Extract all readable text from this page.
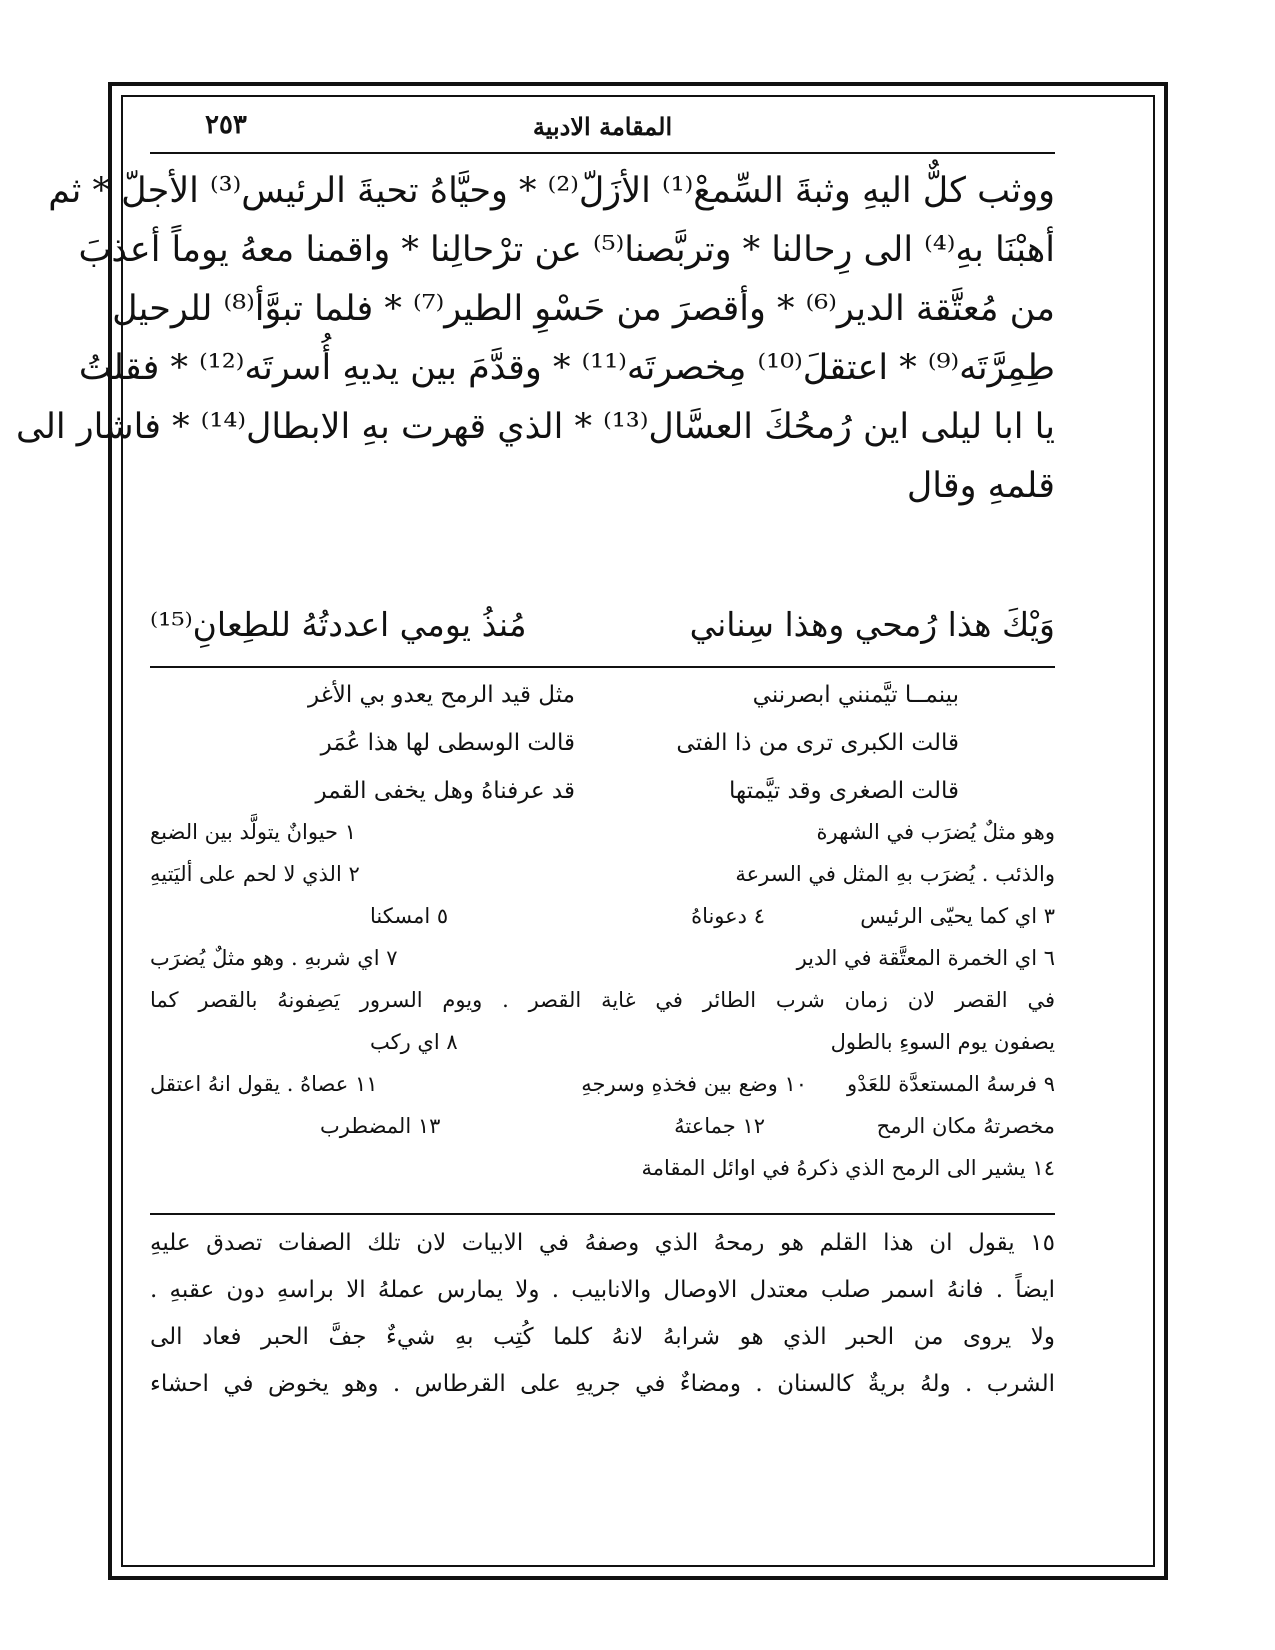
المقامة الادبية
٢٥٣
ووثب كلٌّ اليهِ وثبةَ السِّمعْ⁽¹⁾ الأزَلّ⁽²⁾ * وحيَّاهُ تحيةَ الرئيس⁽³⁾ الأجلّ * ثم
أهبْنَا بهِ⁽⁴⁾ الى رِحالنا * وتربَّصنا⁽⁵⁾ عن ترْحالِنا * واقمنا معهُ يوماً أعذبَ
من مُعتَّقة الدير⁽⁶⁾ * وأقصرَ من حَسْوِ الطير⁽⁷⁾ * فلما تبوَّأ⁽⁸⁾ للرحيل
طِمِرَّتَه⁽⁹⁾ * اعتقلَ⁽¹⁰⁾ مِخصرتَه⁽¹¹⁾ * وقدَّمَ بين يديهِ أُسرتَه⁽¹²⁾ * فقلتُ
يا ابا ليلى اين رُمحُكَ العسَّال⁽¹³⁾ * الذي قهرت بهِ الابطال⁽¹⁴⁾ * فاشار الى
قلمهِ وقال
وَيْكَ هذا رُمحي وهذا سِناني
مُنذُ يومي اعددتُهُ للطِعانِ⁽¹⁵⁾
بينمــا تيَّمنني ابصرنني
مثل قيد الرمح يعدو بي الأغر
قالت الكبرى ترى من ذا الفتى
قالت الوسطى لها هذا عُمَر
قالت الصغرى وقد تيَّمتها
قد عرفناهُ وهل يخفى القمر
وهو مثلٌ يُضرَب في الشهرة
١ حيوانٌ يتولَّد بين الضبع
والذئب . يُضرَب بهِ المثل في السرعة
٢ الذي لا لحم على أليَتيهِ
٣ اي كما يحيّى الرئيس
٤ دعوناهُ
٥ امسكنا
٦ اي الخمرة المعتَّقة في الدير
٧ اي شربهِ . وهو مثلٌ يُضرَب
في القصر لان زمان شرب الطائر في غاية القصر . ويوم السرور يَصِفونهُ بالقصر كما
يصفون يوم السوءِ بالطول
٨ اي ركب
٩ فرسهُ المستعدَّة للعَدْو
١٠ وضع بين فخذهِ وسرجهِ
١١ عصاهُ . يقول انهُ اعتقل
مخصرتهُ مكان الرمح
١٢ جماعتهُ
١٣ المضطرب
١٤ يشير الى الرمح الذي ذكرهُ في اوائل المقامة
١٥ يقول ان هذا القلم هو رمحهُ الذي وصفهُ في الابيات لان تلك الصفات تصدق عليهِ
ايضاً . فانهُ اسمر صلب معتدل الاوصال والانابيب . ولا يمارس عملهُ الا براسهِ دون عقبهِ .
ولا يروى من الحبر الذي هو شرابهُ لانهُ كلما كُتِب بهِ شيءٌ جفَّ الحبر فعاد الى
الشرب . ولهُ بريةٌ كالسنان . ومضاءٌ في جريهِ على القرطاس . وهو يخوض في احشاء
